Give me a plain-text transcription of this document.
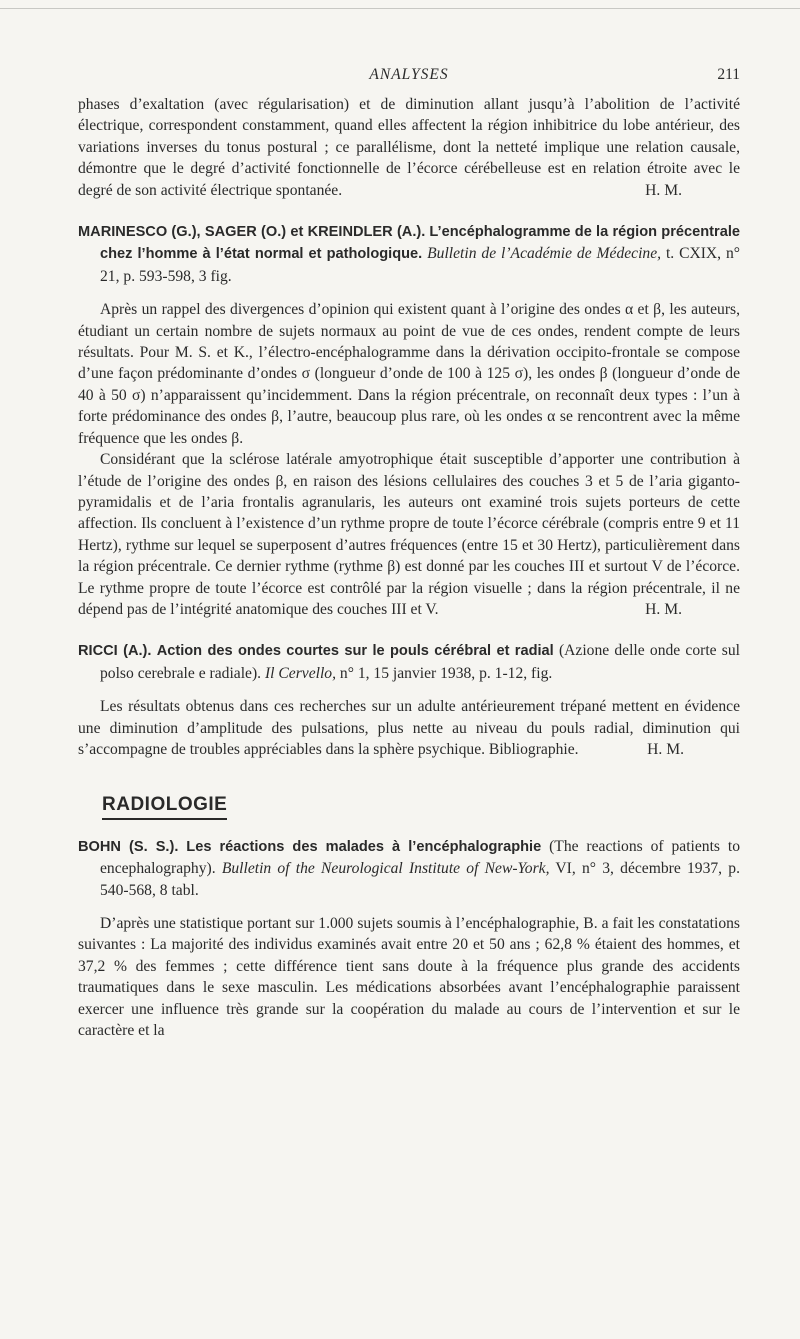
ANALYSES	211

phases d’exaltation (avec régularisation) et de diminution allant jusqu’à l’abolition de l’activité électrique, correspondent constamment, quand elles affectent la région inhibitrice du lobe antérieur, des variations inverses du tonus postural ; ce parallélisme, dont la netteté implique une relation causale, démontre que le degré d’activité fonctionnelle de l’écorce cérébelleuse est en relation étroite avec le degré de son activité électrique spontanée.	H. M.

MARINESCO (G.), SAGER (O.) et KREINDLER (A.). L’encéphalogramme de la région précentrale chez l’homme à l’état normal et pathologique. Bulletin de l’Académie de Médecine, t. CXIX, n° 21, p. 593-598, 3 fig.

Après un rappel des divergences d’opinion qui existent quant à l’origine des ondes α et β, les auteurs, étudiant un certain nombre de sujets normaux au point de vue de ces ondes, rendent compte de leurs résultats. Pour M. S. et K., l’électro-encéphalogramme dans la dérivation occipito-frontale se compose d’une façon prédominante d’ondes σ (longueur d’onde de 100 à 125 σ), les ondes β (longueur d’onde de 40 à 50 σ) n’apparaissent qu’incidemment. Dans la région précentrale, on reconnaît deux types : l’un à forte prédominance des ondes β, l’autre, beaucoup plus rare, où les ondes α se rencontrent avec la même fréquence que les ondes β.

Considérant que la sclérose latérale amyotrophique était susceptible d’apporter une contribution à l’étude de l’origine des ondes β, en raison des lésions cellulaires des couches 3 et 5 de l’aria giganto-pyramidalis et de l’aria frontalis agranularis, les auteurs ont examiné trois sujets porteurs de cette affection. Ils concluent à l’existence d’un rythme propre de toute l’écorce cérébrale (compris entre 9 et 11 Hertz), rythme sur lequel se superposent d’autres fréquences (entre 15 et 30 Hertz), particulièrement dans la région précentrale. Ce dernier rythme (rythme β) est donné par les couches III et surtout V de l’écorce. Le rythme propre de toute l’écorce est contrôlé par la région visuelle ; dans la région précentrale, il ne dépend pas de l’intégrité anatomique des couches III et V.	H. M.

RICCI (A.). Action des ondes courtes sur le pouls cérébral et radial (Azione delle onde corte sul polso cerebrale e radiale). Il Cervello, n° 1, 15 janvier 1938, p. 1-12, fig.

Les résultats obtenus dans ces recherches sur un adulte antérieurement trépané mettent en évidence une diminution d’amplitude des pulsations, plus nette au niveau du pouls radial, diminution qui s’accompagne de troubles appréciables dans la sphère psychique. Bibliographie.	H. M.

RADIOLOGIE

BOHN (S. S.). Les réactions des malades à l’encéphalographie (The reactions of patients to encephalography). Bulletin of the Neurological Institute of New-York, VI, n° 3, décembre 1937, p. 540-568, 8 tabl.

D’après une statistique portant sur 1.000 sujets soumis à l’encéphalographie, B. a fait les constatations suivantes : La majorité des individus examinés avait entre 20 et 50 ans ; 62,8 % étaient des hommes, et 37,2 % des femmes ; cette différence tient sans doute à la fréquence plus grande des accidents traumatiques dans le sexe masculin. Les médications absorbées avant l’encéphalographie paraissent exercer une influence très grande sur la coopération du malade au cours de l’intervention et sur le caractère et la
